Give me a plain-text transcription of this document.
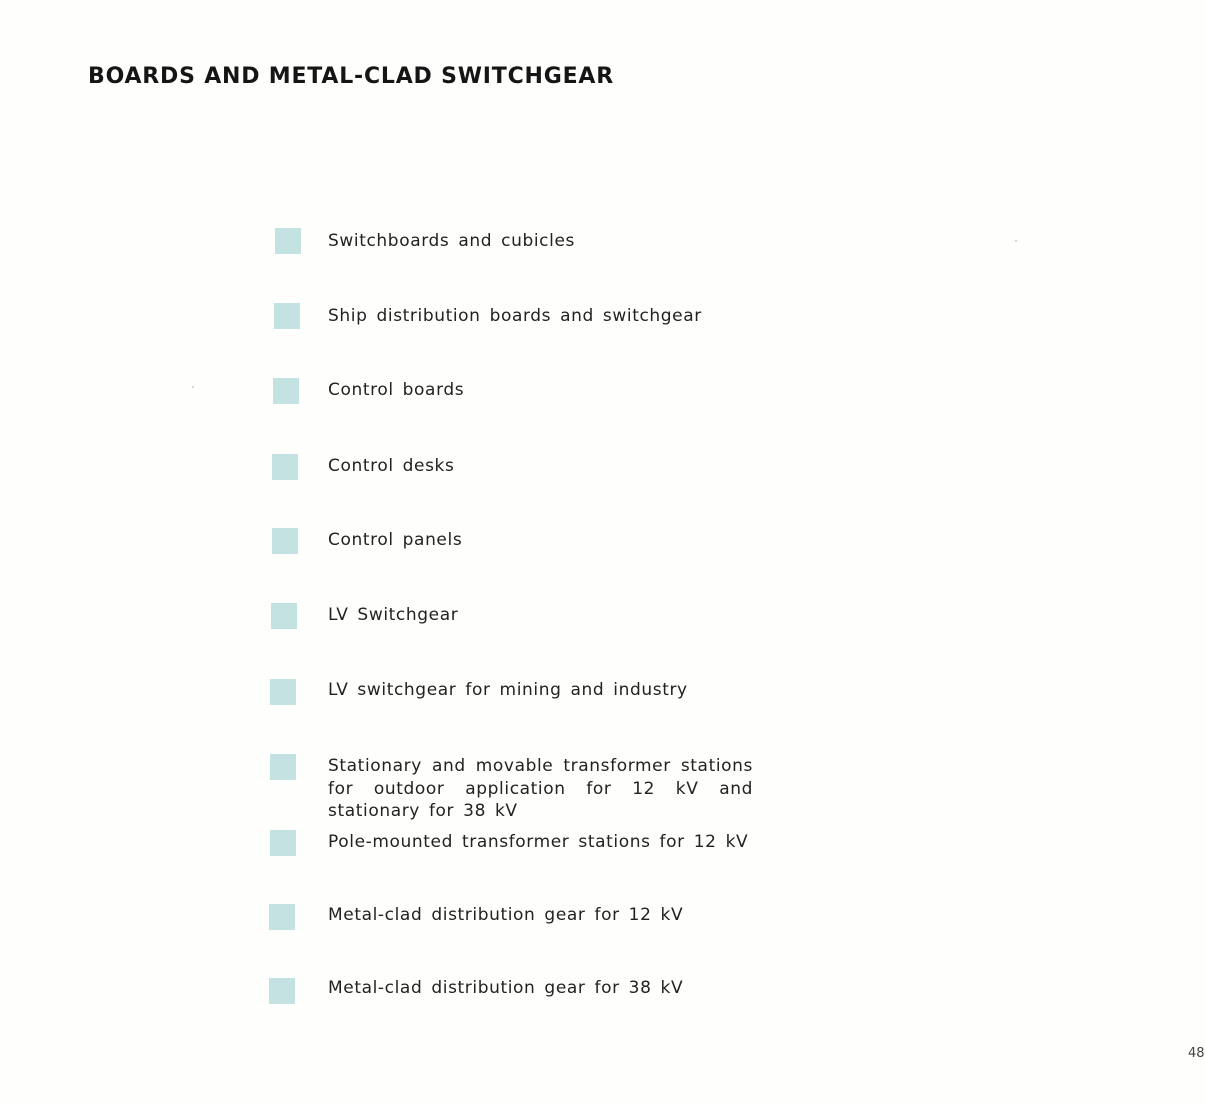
BOARDS AND METAL-CLAD SWITCHGEAR
Switchboards and cubicles
Ship distribution boards and switchgear
Control boards
Control desks
Control panels
LV Switchgear
LV switchgear for mining and industry
Stationary and movable transformer stations for outdoor application for 12 kV and stationary for 38 kV
Pole-mounted transformer stations for 12 kV
Metal-clad distribution gear for 12 kV
Metal-clad distribution gear for 38 kV
48
